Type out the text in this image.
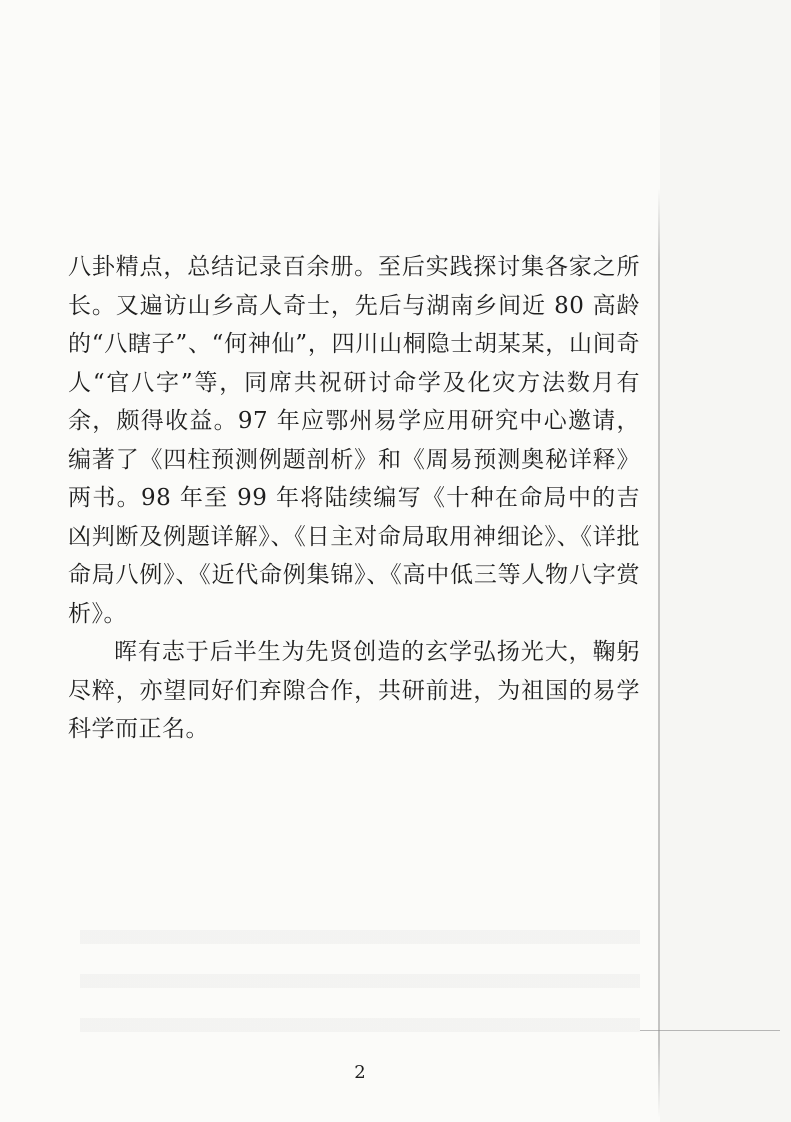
八卦精点，总结记录百余册。至后实践探讨集各家之所长。又遍访山乡高人奇士，先后与湖南乡间近 80 高龄的“八瞎子”、“何神仙”，四川山桐隐士胡某某，山间奇人“官八字”等，同席共祝研讨命学及化灾方法数月有余，颇得收益。97 年应鄂州易学应用研究中心邀请，编著了《四柱预测例题剖析》和《周易预测奥秘详释》两书。98 年至 99 年将陆续编写《十种在命局中的吉凶判断及例题详解》、《日主对命局取用神细论》、《详批命局八例》、《近代命例集锦》、《高中低三等人物八字赏析》。

晖有志于后半生为先贤创造的玄学弘扬光大，鞠躬尽粹，亦望同好们弃隙合作，共研前进，为祖国的易学科学而正名。

2
